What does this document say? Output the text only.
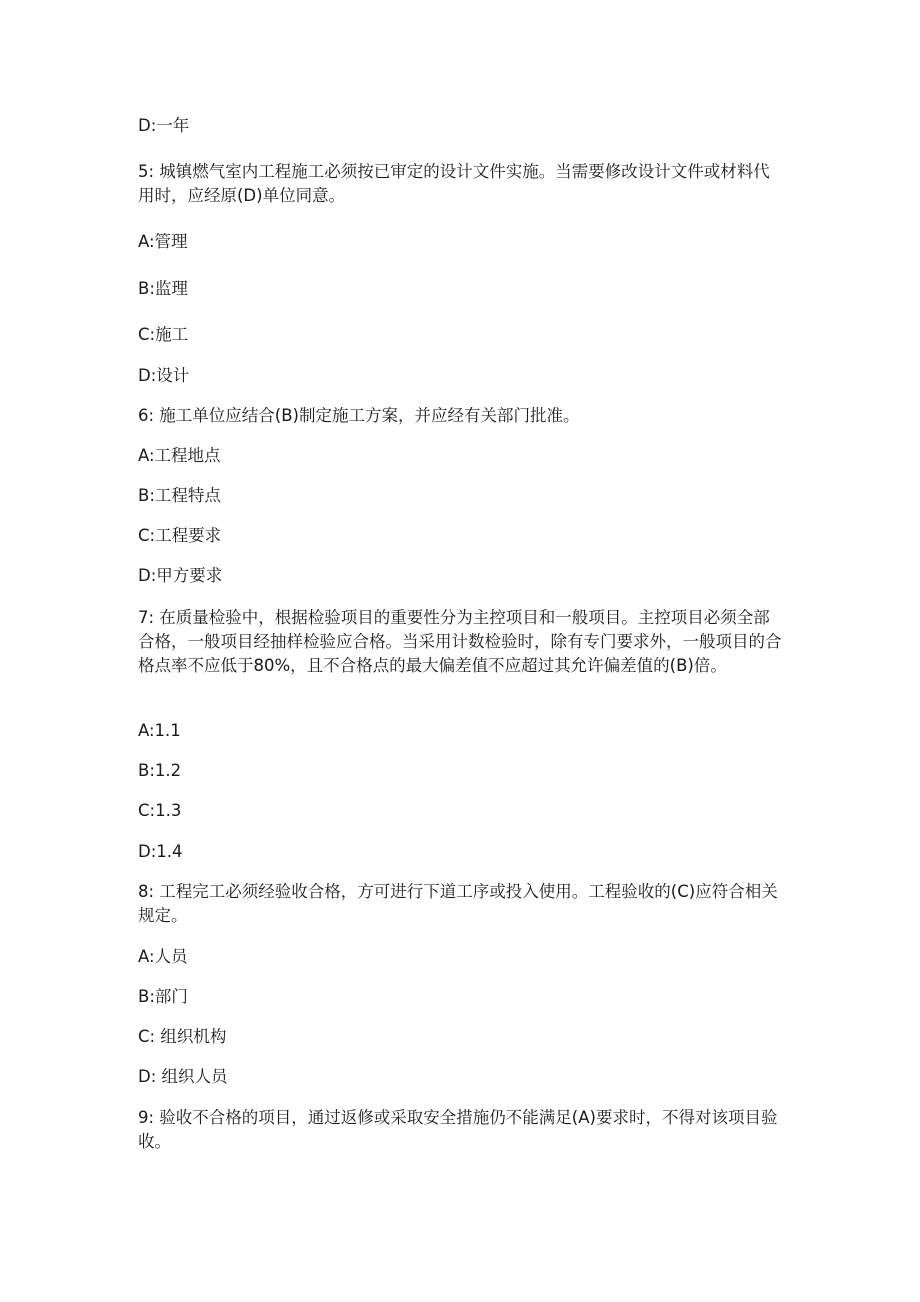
D:一年
5: 城镇燃气室内工程施工必须按已审定的设计文件实施。当需要修改设计文件或材料代用时，应经原(D)单位同意。
A:管理
B:监理
C:施工
D:设计
6: 施工单位应结合(B)制定施工方案，并应经有关部门批准。
A:工程地点
B:工程特点
C:工程要求
D:甲方要求
7: 在质量检验中，根据检验项目的重要性分为主控项目和一般项目。主控项目必须全部合格，一般项目经抽样检验应合格。当采用计数检验时，除有专门要求外，一般项目的合格点率不应低于80%，且不合格点的最大偏差值不应超过其允许偏差值的(B)倍。
A:1.1
B:1.2
C:1.3
D:1.4
8: 工程完工必须经验收合格，方可进行下道工序或投入使用。工程验收的(C)应符合相关规定。
A:人员
B:部门
C: 组织机构
D: 组织人员
9: 验收不合格的项目，通过返修或采取安全措施仍不能满足(A)要求时，不得对该项目验收。
